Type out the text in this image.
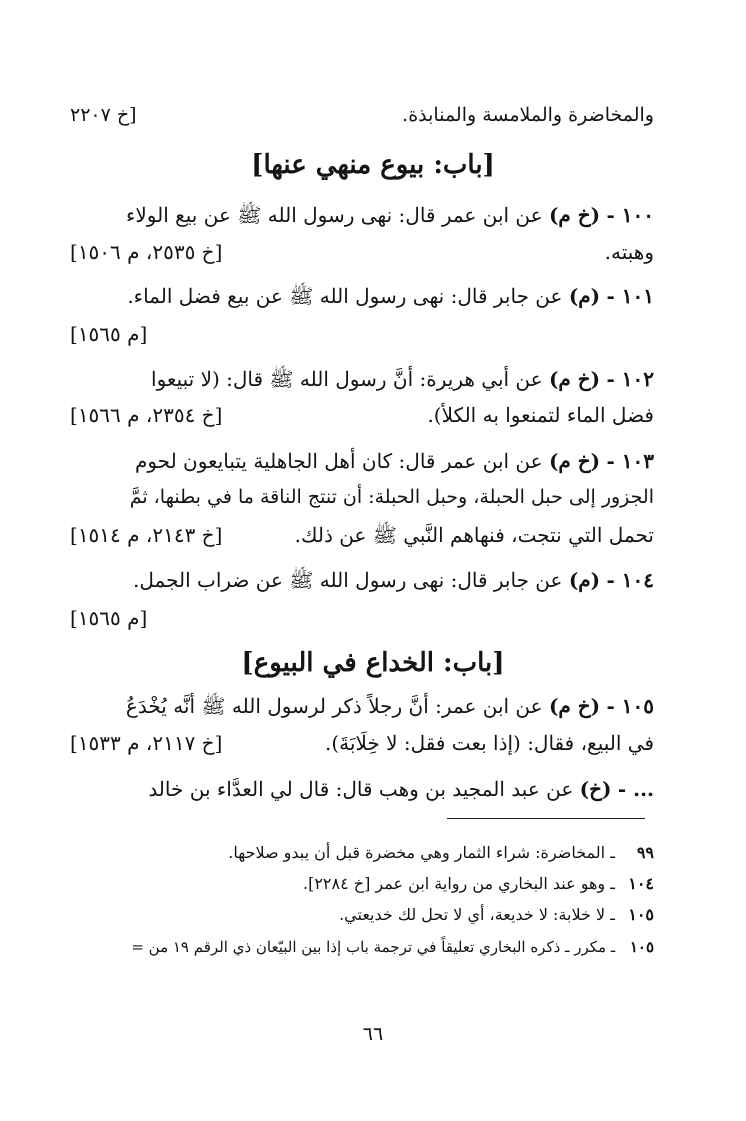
والمخاضرة والملامسة والمنابذة.
[خ ٢٢٠٧
[باب: بيوع منهي عنها]
١٠٠ - (خ م) عن ابن عمر قال: نهى رسول الله ﷺ عن بيع الولاء
وهبته.
[خ ٢٥٣٥، م ١٥٠٦]
١٠١ - (م) عن جابر قال: نهى رسول الله ﷺ عن بيع فضل الماء.
[م ١٥٦٥]
١٠٢ - (خ م) عن أبي هريرة: أنَّ رسول الله ﷺ قال: (لا تبيعوا
فضل الماء لتمنعوا به الكلأ).
[خ ٢٣٥٤، م ١٥٦٦]
١٠٣ - (خ م) عن ابن عمر قال: كان أهل الجاهلية يتبايعون لحوم
الجزور إلى حبل الحبلة، وحبل الحبلة: أن تنتج الناقة ما في بطنها، ثمَّ
تحمل التي نتجت، فنهاهم النَّبي ﷺ عن ذلك.
[خ ٢١٤٣، م ١٥١٤]
١٠٤ - (م) عن جابر قال: نهى رسول الله ﷺ عن ضراب الجمل.
[م ١٥٦٥]
[باب: الخداع في البيوع]
١٠٥ - (خ م) عن ابن عمر: أنَّ رجلاً ذكر لرسول الله ﷺ أنَّه يُخْدَعُ
في البيع، فقال: (إذا بعت فقل: لا خِلَابَةَ).
[خ ٢١١٧، م ١٥٣٣]
... - (خ) عن عبد المجيد بن وهب قال: قال لي العدَّاء بن خالد
٩٩ ـ المخاضرة: شراء الثمار وهي مخضرة قبل أن يبدو صلاحها.
١٠٤ ـ وهو عند البخاري من رواية ابن عمر [خ ٢٢٨٤].
١٠٥ ـ لا خلابة: لا خديعة، أي لا تحل لك خديعتي.
١٠٥ ـ مكرر ـ ذكره البخاري تعليقاً في ترجمة باب إذا بين البيّعان ذي الرقم ١٩ من =
٦٦
